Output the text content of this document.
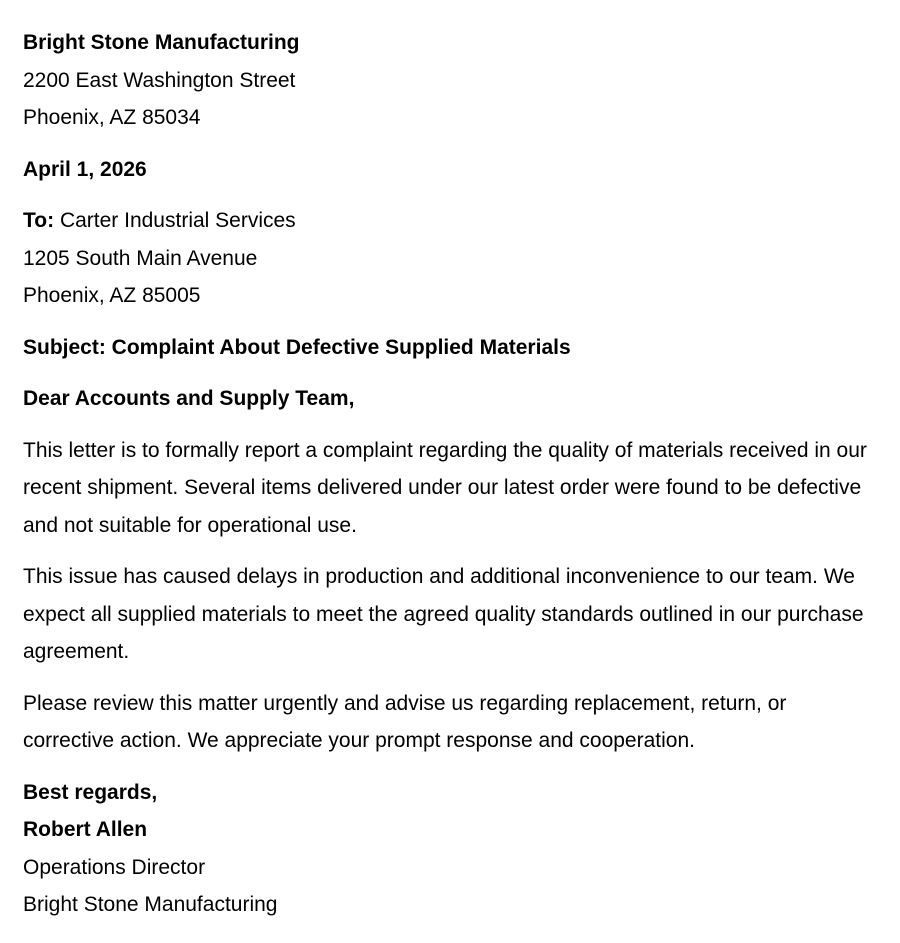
Bright Stone Manufacturing
2200 East Washington Street
Phoenix, AZ 85034
April 1, 2026
To: Carter Industrial Services
1205 South Main Avenue
Phoenix, AZ 85005
Subject: Complaint About Defective Supplied Materials
Dear Accounts and Supply Team,
This letter is to formally report a complaint regarding the quality of materials received in our recent shipment. Several items delivered under our latest order were found to be defective and not suitable for operational use.
This issue has caused delays in production and additional inconvenience to our team. We expect all supplied materials to meet the agreed quality standards outlined in our purchase agreement.
Please review this matter urgently and advise us regarding replacement, return, or corrective action. We appreciate your prompt response and cooperation.
Best regards,
Robert Allen
Operations Director
Bright Stone Manufacturing
